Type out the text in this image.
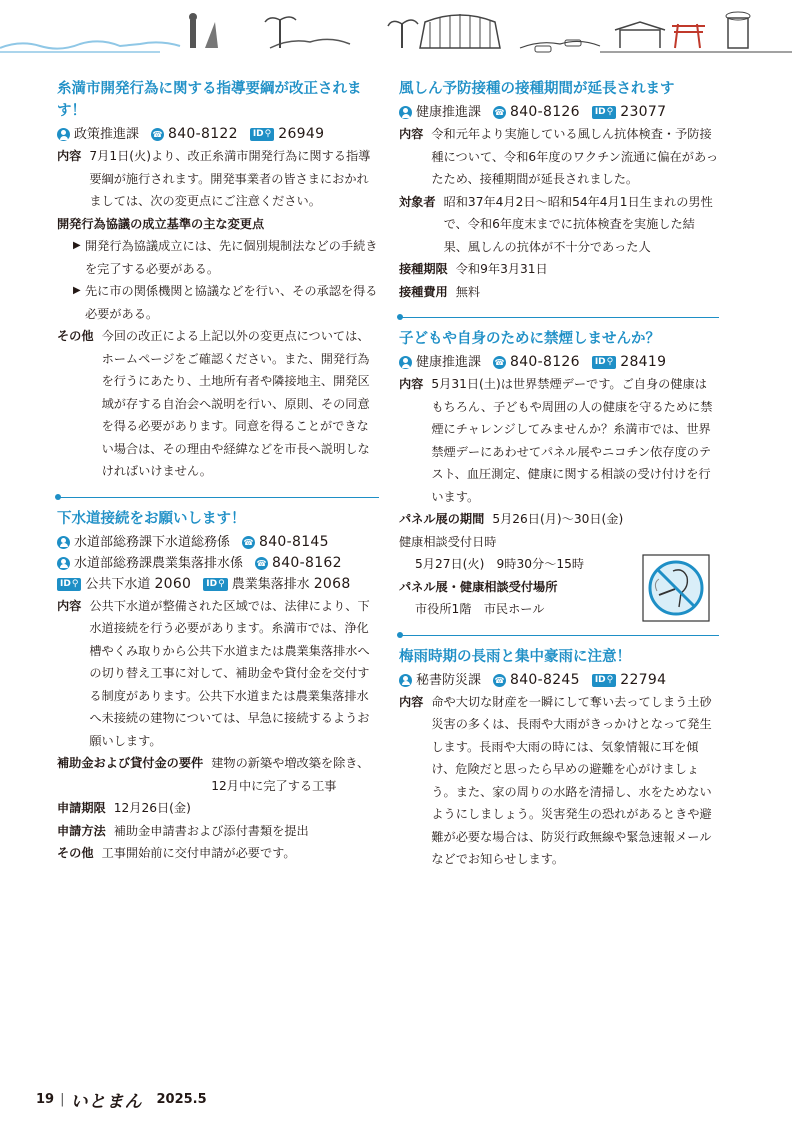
糸満市開発行為に関する指導要綱が改正されます！
政策推進課 ☎ 840-8122 ID ⚲ 26949
内容 7月1日(火)より、改正糸満市開発行為に関する指導要綱が施行されます。開発事業者の皆さまにおかれましては、次の変更点にご注意ください。
開発行為協議の成立基準の主な変更点
▶ 開発行為協議成立には、先に個別規制法などの手続きを完了する必要がある。
▶ 先に市の関係機関と協議などを行い、その承認を得る必要がある。
その他 今回の改正による上記以外の変更点については、ホームページをご確認ください。また、開発行為を行うにあたり、土地所有者や隣接地主、開発区域が存する自治会へ説明を行い、原則、その同意を得る必要があります。同意を得ることができない場合は、その理由や経緯などを市長へ説明しなければいけません。
下水道接続をお願いします！
水道部総務課下水道総務係 ☎ 840-8145
水道部総務課農業集落排水係 ☎ 840-8162
ID ⚲ 公共下水道 2060 ID ⚲ 農業集落排水 2068
内容 公共下水道が整備された区域では、法律により、下水道接続を行う必要があります。糸満市では、浄化槽やくみ取りから公共下水道または農業集落排水への切り替え工事に対して、補助金や貸付金を交付する制度があります。公共下水道または農業集落排水へ未接続の建物については、早急に接続するようお願いします。
補助金および貸付金の要件 建物の新築や増改築を除き、12月中に完了する工事
申請期限 12月26日(金)
申請方法 補助金申請書および添付書類を提出
その他 工事開始前に交付申請が必要です。
風しん予防接種の接種期間が延長されます
健康推進課 ☎ 840-8126 ID ⚲ 23077
内容 令和元年より実施している風しん抗体検査・予防接種について、令和6年度のワクチン流通に偏在があったため、接種期間が延長されました。
対象者 昭和37年4月2日～昭和54年4月1日生まれの男性で、令和6年度末までに抗体検査を実施した結果、風しんの抗体が不十分であった人
接種期限 令和9年3月31日
接種費用 無料
子どもや自身のために禁煙しませんか？
健康推進課 ☎ 840-8126 ID ⚲ 28419
内容 5月31日(土)は世界禁煙デーです。ご自身の健康はもちろん、子どもや周囲の人の健康を守るために禁煙にチャレンジしてみませんか？糸満市では、世界禁煙デーにあわせてパネル展やニコチン依存度のテスト、血圧測定、健康に関する相談の受け付けを行います。
パネル展の期間 5月26日(月)～30日(金)
健康相談受付日時
5月27日(火)　9時30分～15時
パネル展・健康相談受付場所
市役所1階　市民ホール
梅雨時期の長雨と集中豪雨に注意！
秘書防災課 ☎ 840-8245 ID ⚲ 22794
内容 命や大切な財産を一瞬にして奪い去ってしまう土砂災害の多くは、長雨や大雨がきっかけとなって発生します。長雨や大雨の時には、気象情報に耳を傾け、危険だと思ったら早めの避難を心がけましょう。また、家の周りの水路を清掃し、水をためないようにしましょう。災害発生の恐れがあるときや避難が必要な場合は、防災行政無線や緊急速報メールなどでお知らせします。
19 | いとまん 2025.5
